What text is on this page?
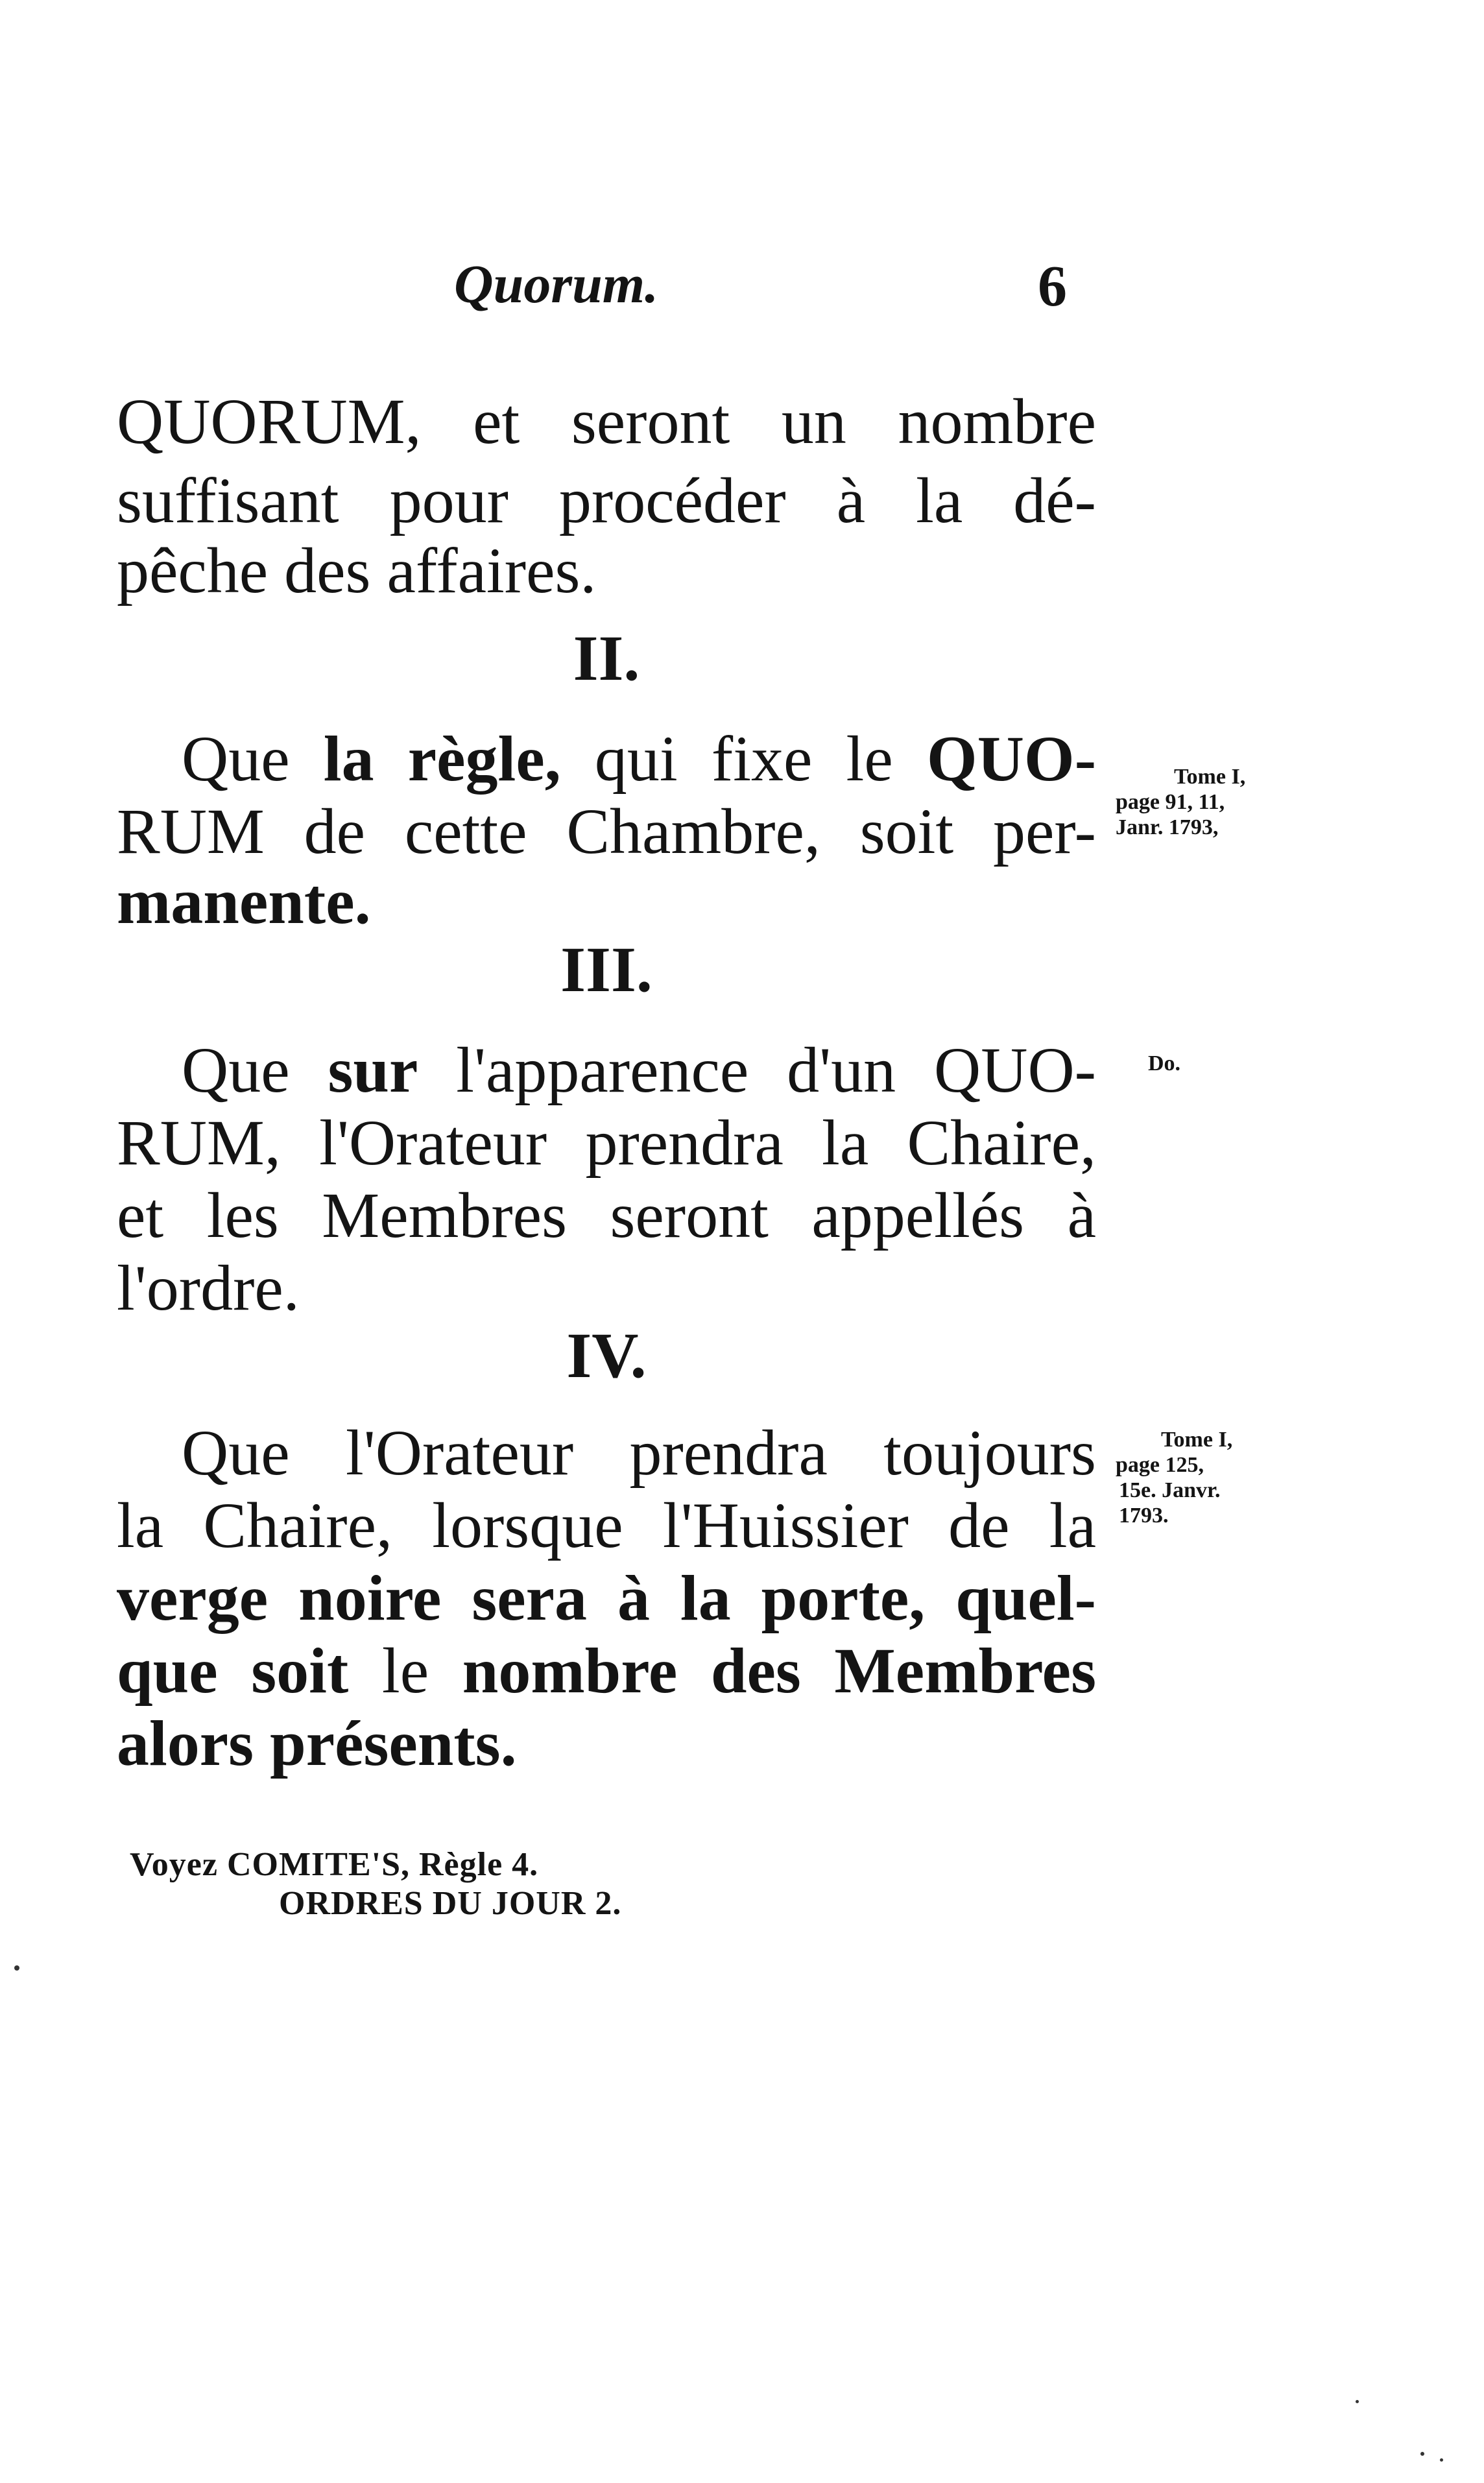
Quorum.	6
QUORUM, et seront un nombre
suffisant pour procéder à la dé-
pêche des affaires.
II.
Que la règle, qui fixe le QUO-
RUM de cette Chambre, soit per-
manente.
Tome I,
page 91, 11,
Janr. 1793,
III.
Que sur l'apparence d'un QUO-
RUM, l'Orateur prendra la Chaire,
et les Membres seront appellés à
l'ordre.
Do.
IV.
Que l'Orateur prendra toujours
la Chaire, lorsque l'Huissier de la
verge noire sera à la porte, quel-
que soit le nombre des Membres
alors présents.
Tome I,
page 125,
15e. Janvr.
1793.
Voyez COMITE'S, Règle 4.
ORDRES DU JOUR 2.
